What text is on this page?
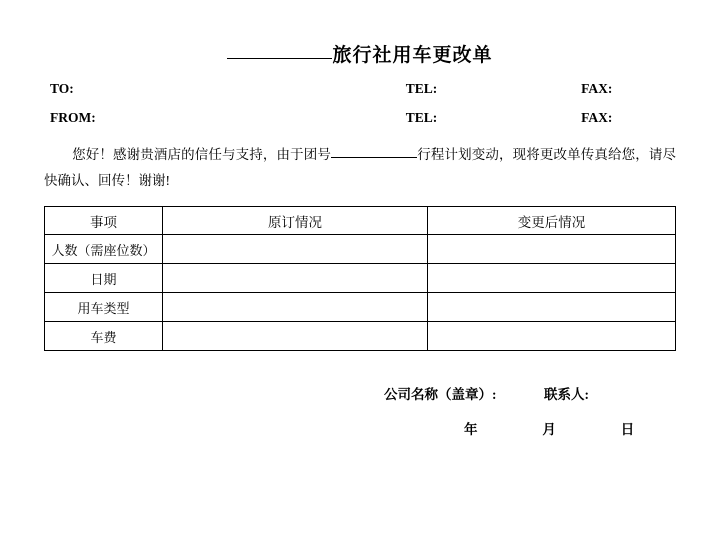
旅行社用车更改单
TO:	TEL:	FAX:
FROM:	TEL:	FAX:
您好！感谢贵酒店的信任与支持，由于团号	行程计划变动，现将更改单传真给您，请尽快确认、回传！谢谢!
事项	原订情况	变更后情况
人数（需座位数）		
日期		
用车类型		
车费		
公司名称（盖章）:	联系人:
年	月	日
